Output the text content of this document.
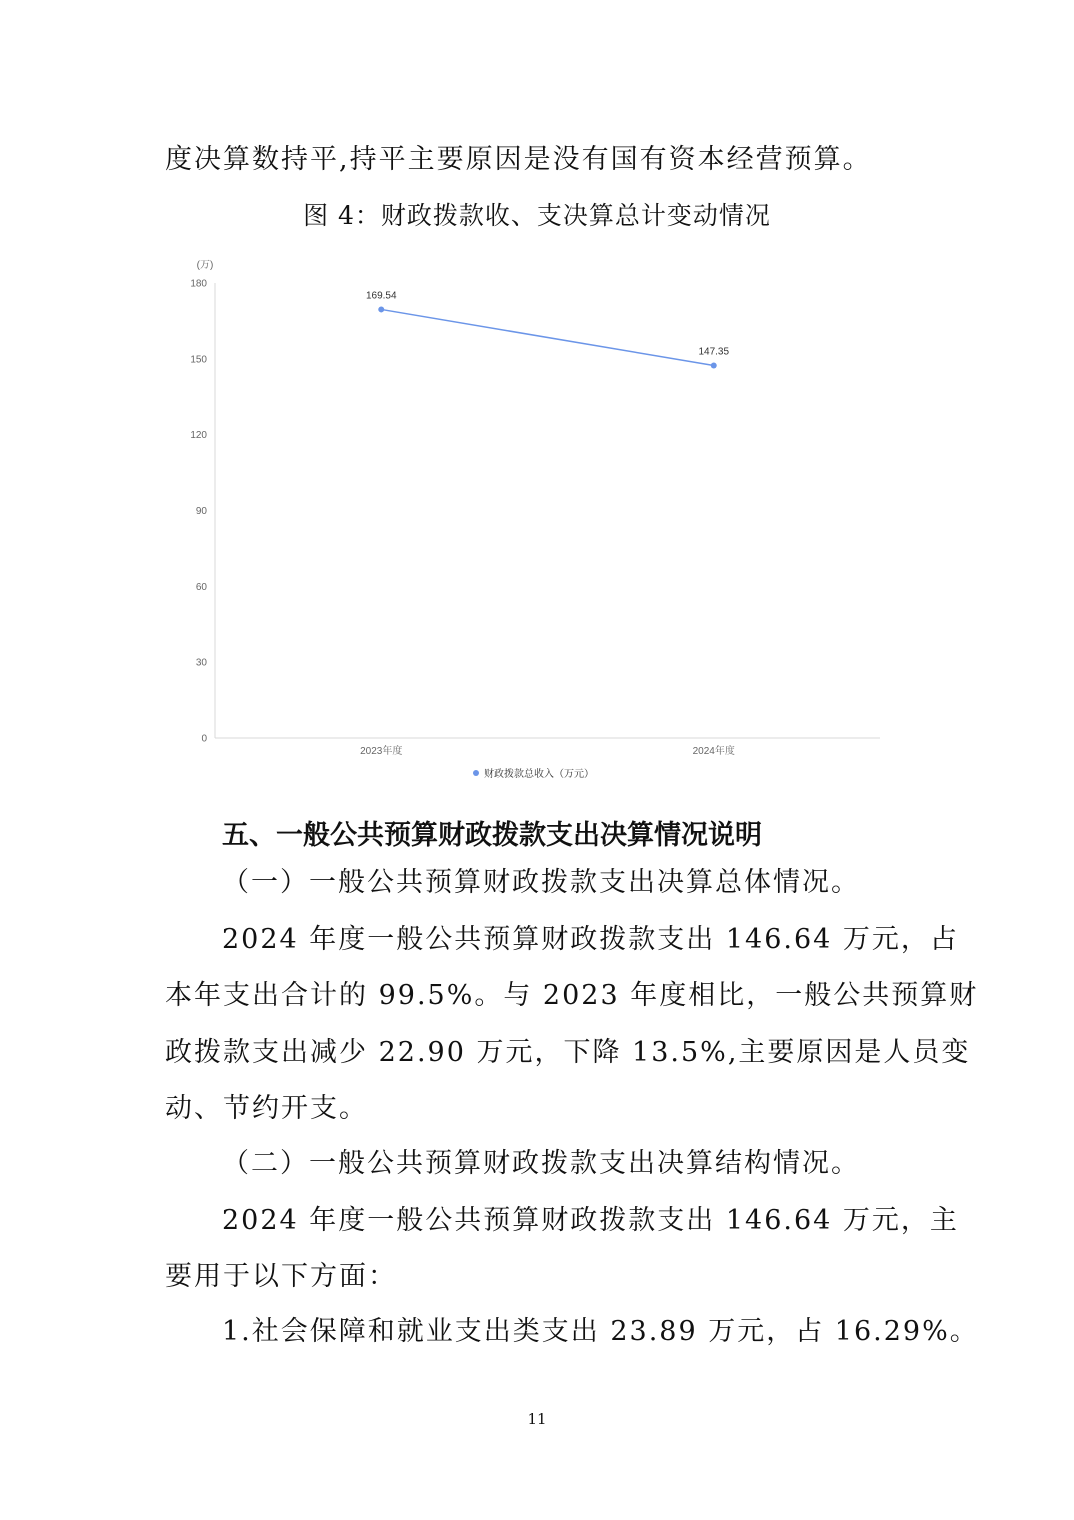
度决算数持平,持平主要原因是没有国有资本经营预算。
图 4：财政拨款收、支决算总计变动情况
(万)
0
30
60
90
120
150
180
2023年度	2024年度
169.54
147.35
财政拨款总收入（万元）
五、一般公共预算财政拨款支出决算情况说明
（一）一般公共预算财政拨款支出决算总体情况。
2024 年度一般公共预算财政拨款支出 146.64 万元，占
本年支出合计的 99.5%。与 2023 年度相比，一般公共预算财
政拨款支出减少 22.90 万元，下降 13.5%,主要原因是人员变
动、节约开支。
（二）一般公共预算财政拨款支出决算结构情况。
2024 年度一般公共预算财政拨款支出 146.64 万元，主
要用于以下方面：
1.社会保障和就业支出类支出 23.89 万元，占 16.29%。
11
